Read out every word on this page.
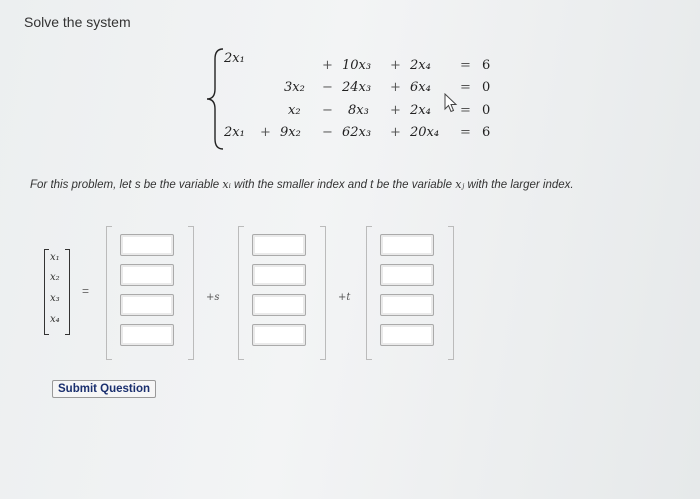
Solve the system
2x₁	+ 10x₃ + 2x₄ = 6
3x₂ − 24x₃ + 6x₄ = 0
x₂ − 8x₃ + 2x₄ = 0
2x₁ + 9x₂ − 62x₃ + 20x₄ = 6
For this problem, let s be the variable xᵢ with the smaller index and t be the variable xⱼ with the larger index.
x₁
x₂
x₃
x₄
=	+s	+t
Submit Question
